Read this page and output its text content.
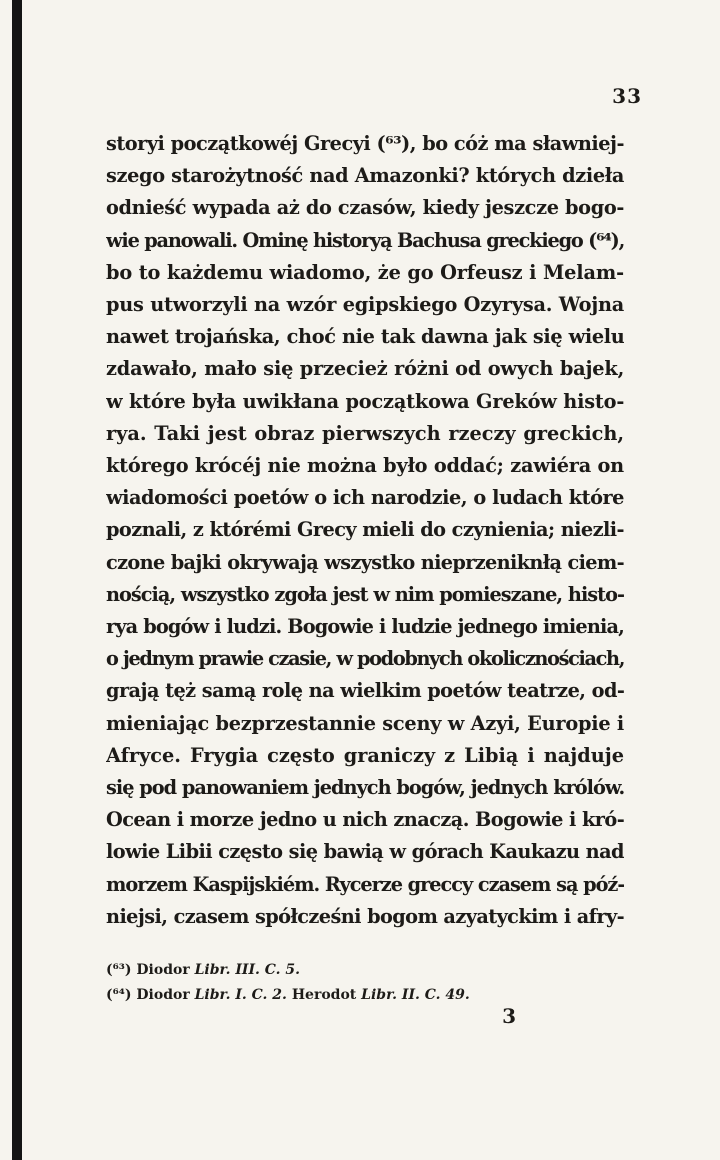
33
storyi początkowéj Grecyi (⁶³), bo cóż ma sławniej-
szego starożytność nad Amazonki? których dzieła
odnieść wypada aż do czasów, kiedy jeszcze bogo-
wie panowali. Ominę historyą Bachusa greckiego (⁶⁴),
bo to każdemu wiadomo, że go Orfeusz i Melam-
pus utworzyli na wzór egipskiego Ozyrysa. Wojna
nawet trojańska, choć nie tak dawna jak się wielu
zdawało, mało się przecież różni od owych bajek,
w które była uwikłana początkowa Greków histo-
rya. Taki jest obraz pierwszych rzeczy greckich,
którego krócéj nie można było oddać; zawiéra on
wiadomości poetów o ich narodzie, o ludach które
poznali, z którémi Grecy mieli do czynienia; niezli-
czone bajki okrywają wszystko nieprzeniknłą ciem-
nością, wszystko zgoła jest w nim pomieszane, histo-
rya bogów i ludzi. Bogowie i ludzie jednego imienia,
o jednym prawie czasie, w podobnych okolicznościach,
grają tęż samą rolę na wielkim poetów teatrze, od-
mieniając bezprzestannie sceny w Azyi, Europie i
Afryce. Frygia często graniczy z Libią i najduje
się pod panowaniem jednych bogów, jednych królów.
Ocean i morze jedno u nich znaczą. Bogowie i kró-
lowie Libii często się bawią w górach Kaukazu nad
morzem Kaspijskiém. Rycerze greccy czasem są póź-
niejsi, czasem spółcześni bogom azyatyckim i afry-
(⁶³) Diodor Libr. III. C. 5.
(⁶⁴) Diodor Libr. I. C. 2. Herodot Libr. II. C. 49.
3
